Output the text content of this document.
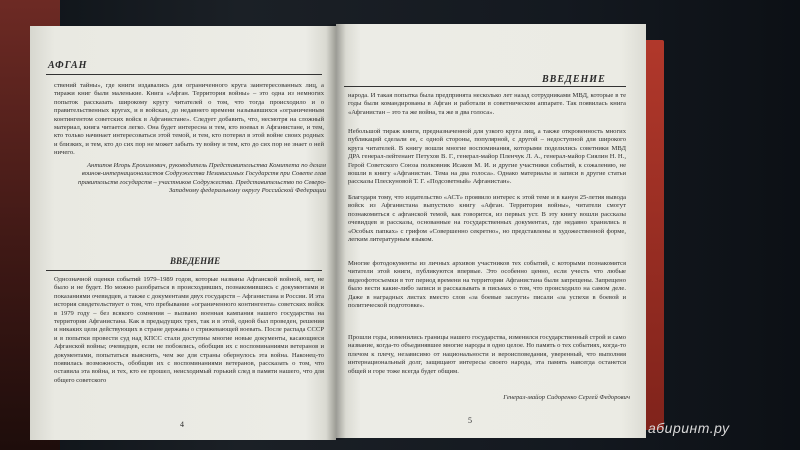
АФГАН
ствений тайны», где книги издавались для ограниченного круга заинтересованных лиц, а тиражи книг были маленькие. Книга «Афган. Территория войны» – это одна из немногих попыток рассказать широкому кругу читателей о том, что тогда происходило и о правительственных кругах, и в войсках, до недавнего времени называвшихся «ограниченным контингентом советских войск в Афганистане». Следует добавить, что, несмотря на сложный материал, книга читается легко. Она будет интересна и тем, кто воевал в Афганистане, и тем, кто только начинает интересоваться этой темой, и тем, кто потерял в этой войне своих родных и близких, и тем, кто до сих пор не может забыть ту войну и тем, кто до сих пор не знает о ней ничего.
Антипов Игорь Ерохимович, руководитель Представительства Комитета по делам воинов-интернационалистов Содружества Независимых Государств при Совете глав правительств государств – участников Содружества. Представительство по Северо-Западному федеральному округу Российской Федерации
ВВЕДЕНИЕ
Однозначной оценки событий 1979–1989 годов, которые названы Афганской войной, нет, не было и не будет. Но можно разобраться в происходивших, познакомившись с документами и показаниями очевидцев, а также с документами двух государств – Афганистана и России. И эта история свидетельствует о том, что пребывание «ограниченного контингента» советских войск в 1979 году – без всякого сомнения – вызвано военная кампания нашего государства на территории Афганистана. Как в предыдущих трех, так и в этой, одной был проведен, решения и никаких цели действующих в стране державы о стрижевающей воевать. После распада СССР и в попытки провести суд над КПСС стали доступны многие новые документы, касающиеся Афганской войны; очевидцев, если не побоялись, обобщив их с воспоминаниями ветеранов и документами, попытаться выяснить, чем же для страны обернулось эта война. Наконец-то появилась возможность, обобщив их с воспоминаниями ветеранов, рассказать о том, что оставила эта война, и тех, кто ее прошел, неисходимый горький след в памяти нашего, что для общего советского
4
ВВЕДЕНИЕ
народа. И такая попытка была предпринята несколько лет назад сотрудниками МВД, которые в те годы были командированы в Афган и работали в советническом аппарате. Так появилась книга «Афганистан – это та же война, та же в два голоса».
Небольшой тираж книги, предназначенной для узкого круга лиц, а также откровенность многих публикаций сделали ее, с одной стороны, популярной, с другой – недоступной для широкого круга читателей. В книгу вошли многие воспоминания, которыми поделились советники МВД ДРА генерал-лейтенант Петухов В. Г., генерал-майор Пленчук Л. А., генерал-майор Сиялин Н. Н., Герой Советского Союза полковник Исаков М. И. и другие участники событий, к сожалению, не вошли в книгу «Афганистан. Тема на два голоса». Однако материалы и записи в другие статьи рассказы Плескуновой Т. Г. «Подсоветный» Афганистан».
Благодаря тому, что издательство «АСТ» проявило интерес к этой теме и в канун 25-летия вывода войск из Афганистана выпустило книгу «Афган. Территория войны», читатели смогут познакомиться с афганской темой, как говорится, из первых уст. В эту книгу вошли рассказы очевидцев и рассказы, основанные на государственных документах, где недавно хранились в «Особых папках» с грифом «Совершенно секретно», но представлены в художественной форме, легким литературным языком.
Многие фотодокументы из личных архивов участников тех событий, с которыми познакомятся читатели этой книги, публикуются впервые. Это особенно ценно, если учесть что любые видеофотосъемки в тот период времени на территории Афганистана были запрещены. Запрещено было вести какие-либо записи и рассказывать в письмах о том, что происходило на самом деле. Даже в наградных листах вместо слов «за боевые заслуги» писали «за успехи в боевой и политической подготовке».
Прошли годы, изменились границы нашего государства, изменился государственный строй и само название, когда-то объединявшее многие народы в одно целое. Но память о тех событиях, когда-то плечом к плечу, независимо от национальности и вероисповедания, уверенный, что выполняя интернациональный долг, защищают интересы своего народа, эта память навсегда останется общей и горе тоже всегда будет общим.
Генерал-майор Сидоренко Сергей Федорович
5	абиринт.ру
